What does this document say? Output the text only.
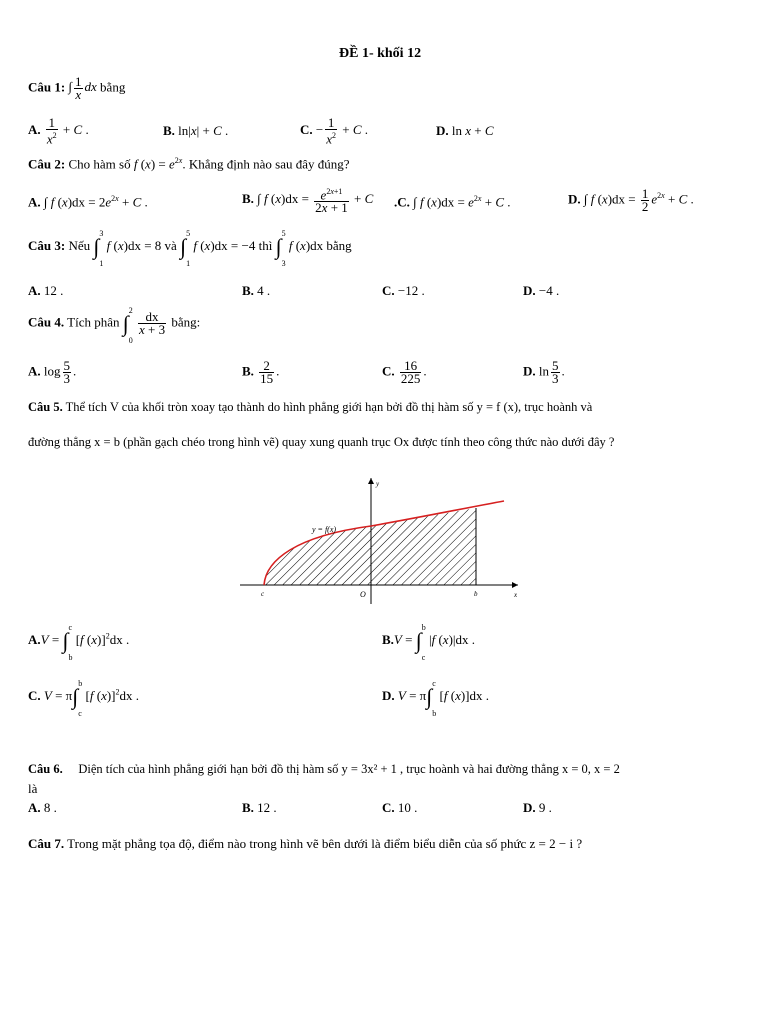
ĐỀ 1- khối 12
Câu 1: ∫ $\frac{1}{x}$ dx bằng
A. $\frac{1}{x^2} + C$ .	B. ln|x| + C .	C. − $\frac{1}{x^2} + C$ .	D. ln x + C
Câu 2: Cho hàm số f $(x) = e^{2x}$. Khẳng định nào sau đây đúng?
A. ∫ f $(x)dx = 2e^{2x} + C$ .	B. ∫ f $(x)dx = \frac{e^{2x+1}}{2x + 1} + C$ .C. ∫ f $(x)dx = e^{2x} + C$ .	D. ∫ f $(x)dx = \frac{1}{2} e^{2x} + C$ .
Câu 3: Nếu ∫
3
1
f (x)dx = 8 và ∫
5
1
f (x)dx = −4 thì ∫
5
3
f (x)dx bằng
A. 12 .	B. 4 .	C. −12 .	D. −4 .
Câu 4. Tích phân ∫
2
0

$\frac{dx}{x + 3}$ bằng:
A. $\log \frac{5}{3}$ .	B. $\frac{2}{15}$ .	C. $\frac{16}{225}$ .	D. $\ln \frac{5}{3}$ .
Câu 5. Thể tích V của khối tròn xoay tạo thành do hình phẳng giới hạn bởi đồ thị hàm số y = f (x), trục hoành và
đường thẳng x = b (phần gạch chéo trong hình vẽ) quay xung quanh trục Ox được tính theo công thức nào dưới đây ?
y = f(x)
y
x
O
c	b
A.V = ∫
c
b
[f (x)]$^2$dx .	B.V = ∫
b
c
|f (x)|dx .
C. V = π∫
b
c
[f (x)]$^2$dx .	D. V = π∫
c
b
[f (x)]dx .
Câu 6. Diện tích của hình phẳng giới hạn bởi đồ thị hàm số y = 3x² + 1 , trục hoành và hai đường thẳng x = 0, x = 2
là
A. 8 .	B. 12 .	C. 10 .	D. 9 .
Câu 7. Trong mặt phẳng tọa độ, điểm nào trong hình vẽ bên dưới là điểm biểu diễn của số phức z = 2 − i ?
